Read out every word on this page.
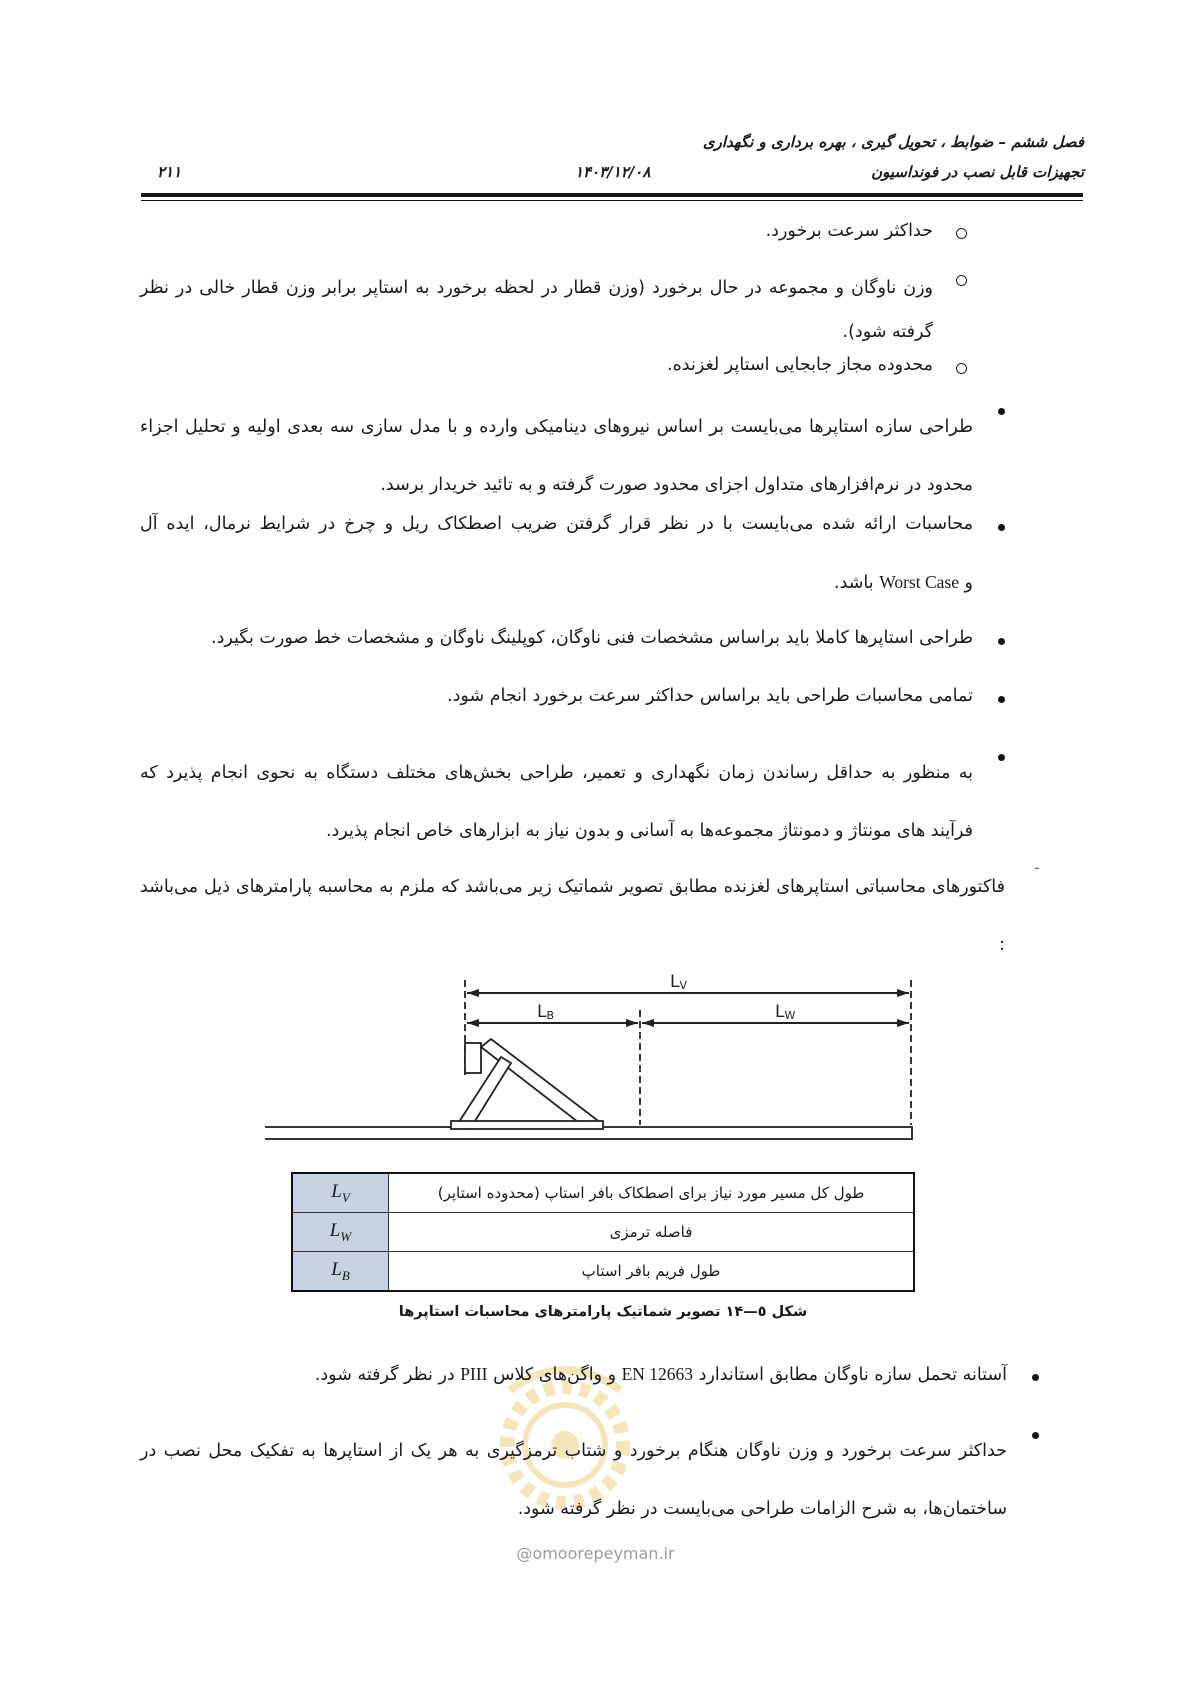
فصل ششم – ضوابط ، تحویل گیری ، بهره برداری و نگهداری
تجهیزات قابل نصب در فونداسیون
۱۴۰۳/۱۲/۰۸
۲۱۱
حداکثر سرعت برخورد.
وزن ناوگان و مجموعه در حال برخورد (وزن قطار در لحظه برخورد به استاپر برابر وزن قطار خالی در نظر گرفته شود).
محدوده مجاز جابجایی استاپر لغزنده.
طراحی سازه استاپرها می‌بایست بر اساس نیروهای دینامیکی وارده و با مدل سازی سه بعدی اولیه و تحلیل اجزاء محدود در نرم‌افزارهای متداول اجزای محدود صورت گرفته و به تائید خریدار برسد.
محاسبات ارائه شده می‌بایست با در نظر قرار گرفتن ضریب اصطکاک ریل و چرخ در شرایط نرمال، ایده آل
و Worst Case باشد.
طراحی استاپرها کاملا باید براساس مشخصات فنی ناوگان، کوپلینگ ناوگان و مشخصات خط صورت بگیرد.
تمامی محاسبات طراحی باید براساس حداکثر سرعت برخورد انجام شود.
به منظور به حداقل رساندن زمان نگهداری و تعمیر، طراحی بخش‌های مختلف دستگاه به نحوی انجام پذیرد که فرآیند های مونتاژ و دمونتاژ مجموعه‌ها به آسانی و بدون نیاز به ابزارهای خاص انجام پذیرد.
-
فاکتورهای محاسباتی استاپرهای لغزنده مطابق تصویر شماتیک زیر می‌باشد که ملزم به محاسبه پارامترهای ذیل می‌باشد :
LV
LB	LW
$L_V$	طول کل مسیر مورد نیاز برای اصطکاک بافر استاپ (محدوده استاپر)
$L_W$	فاصله ترمزی
$L_B$	طول فریم بافر استاپ
شکل ٥—۱۴ تصویر شماتیک پارامترهای محاسبات استاپرها
آستانه تحمل سازه ناوگان مطابق استاندارد EN 12663 و واگن‌های کلاس PIII در نظر گرفته شود.
حداکثر سرعت برخورد و وزن ناوگان هنگام برخورد و شتاب ترمزگیری به هر یک از استاپرها به تفکیک محل نصب در ساختمان‌ها، به شرح الزامات طراحی می‌بایست در نظر گرفته شود.
@omoorepeyman.ir
